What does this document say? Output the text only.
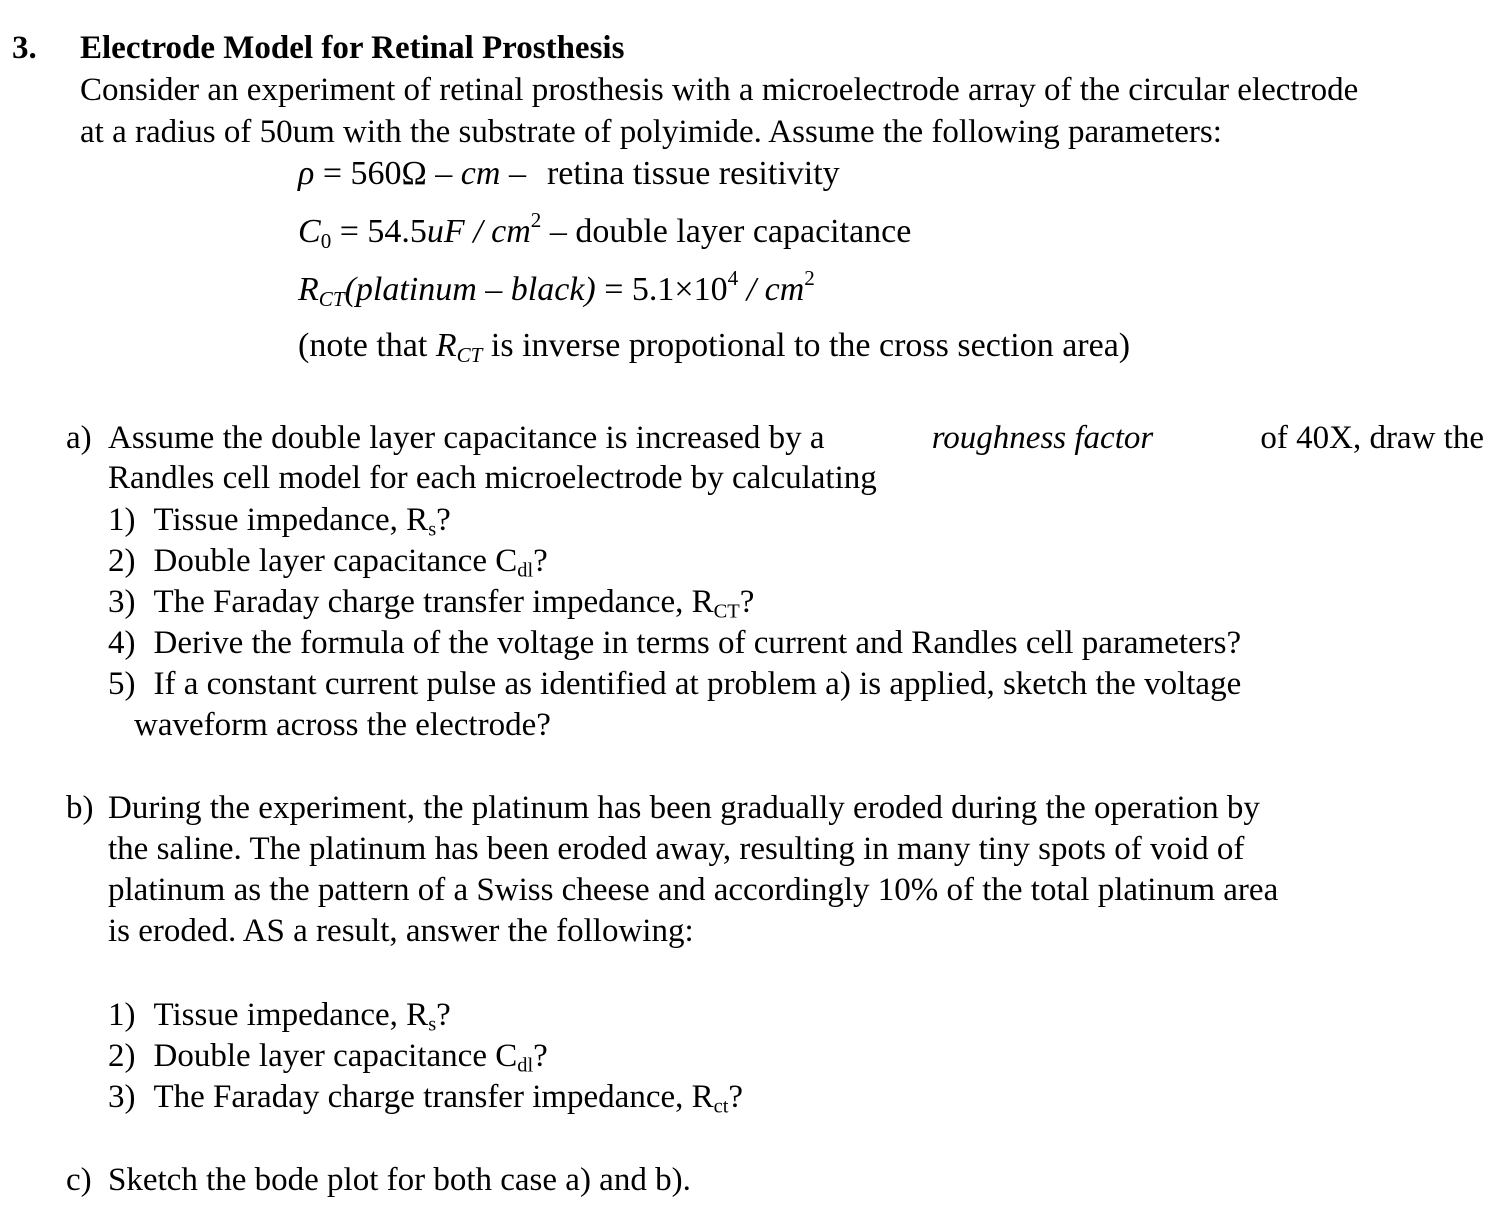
3. Electrode Model for Retinal Prosthesis
Consider an experiment of retinal prosthesis with a microelectrode array of the circular electrode
at a radius of 50um with the substrate of polyimide. Assume the following parameters:
ρ = 560Ω – cm –  retina tissue resitivity
$C_0 = 54.5uF / cm^2$ – double layer capacitance
$R_{CT}(platinum$ – black) = $5.1\times 10^4 / cm^2$
(note that $R_{CT}$ is inverse propotional to the cross section area)
a) Assume the double layer capacitance is increased by a	roughness factor	of 40X, draw the
Randles cell model for each microelectrode by calculating
1) Tissue impedance, $R_s$?
2) Double layer capacitance $C_{dl}$?
3) The Faraday charge transfer impedance, $R_{CT}$?
4) Derive the formula of the voltage in terms of current and Randles cell parameters?
5) If a constant current pulse as identified at problem a) is applied, sketch the voltage
waveform across the electrode?
b) During the experiment, the platinum has been gradually eroded during the operation by
the saline. The platinum has been eroded away, resulting in many tiny spots of void of
platinum as the pattern of a Swiss cheese and accordingly 10% of the total platinum area
is eroded. AS a result, answer the following:
1) Tissue impedance, $R_s$?
2) Double layer capacitance $C_{dl}$?
3) The Faraday charge transfer impedance, $R_{ct}$?
c) Sketch the bode plot for both case a) and b).
